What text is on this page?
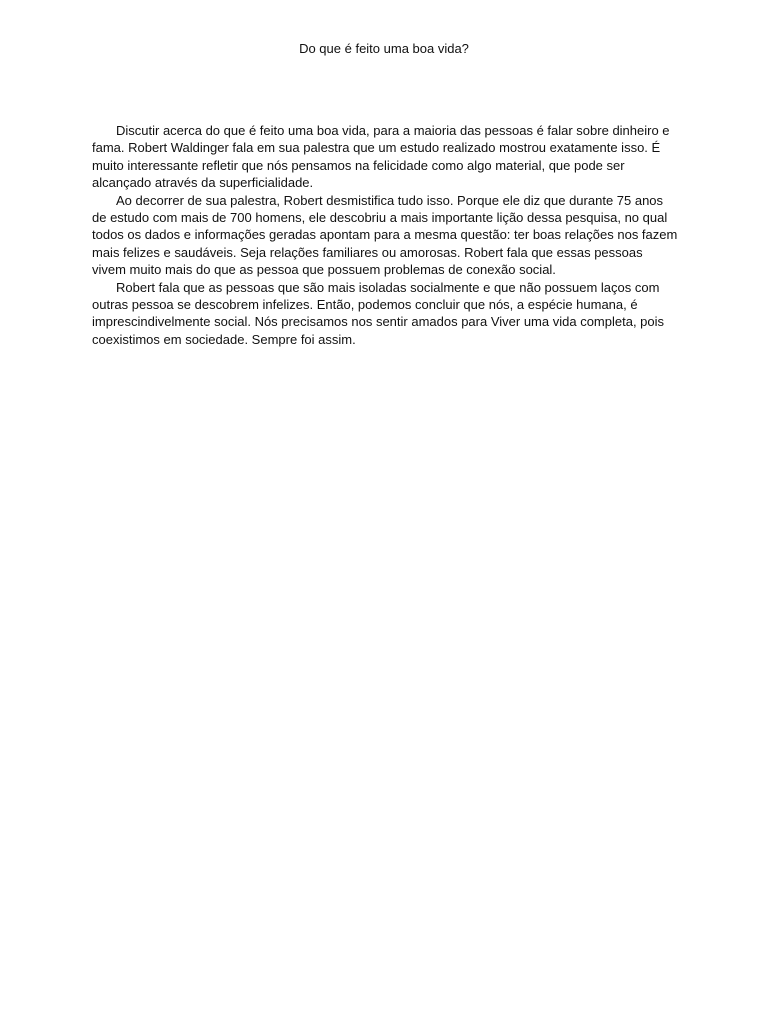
Do que é feito uma boa vida?

Discutir acerca do que é feito uma boa vida, para a maioria das pessoas é falar sobre dinheiro e fama. Robert Waldinger fala em sua palestra que um estudo realizado mostrou exatamente isso. É muito interessante refletir que nós pensamos na felicidade como algo material, que pode ser alcançado através da superficialidade.

Ao decorrer de sua palestra, Robert desmistifica tudo isso. Porque ele diz que durante 75 anos de estudo com mais de 700 homens, ele descobriu a mais importante lição dessa pesquisa, no qual todos os dados e informações geradas apontam para a mesma questão: ter boas relações nos fazem mais felizes e saudáveis. Seja relações familiares ou amorosas. Robert fala que essas pessoas vivem muito mais do que as pessoa que possuem problemas de conexão social.

Robert fala que as pessoas que são mais isoladas socialmente e que não possuem laços com outras pessoa se descobrem infelizes. Então, podemos concluir que nós, a espécie humana, é imprescindivelmente social. Nós precisamos nos sentir amados para Viver uma vida completa, pois coexistimos em sociedade. Sempre foi assim.
